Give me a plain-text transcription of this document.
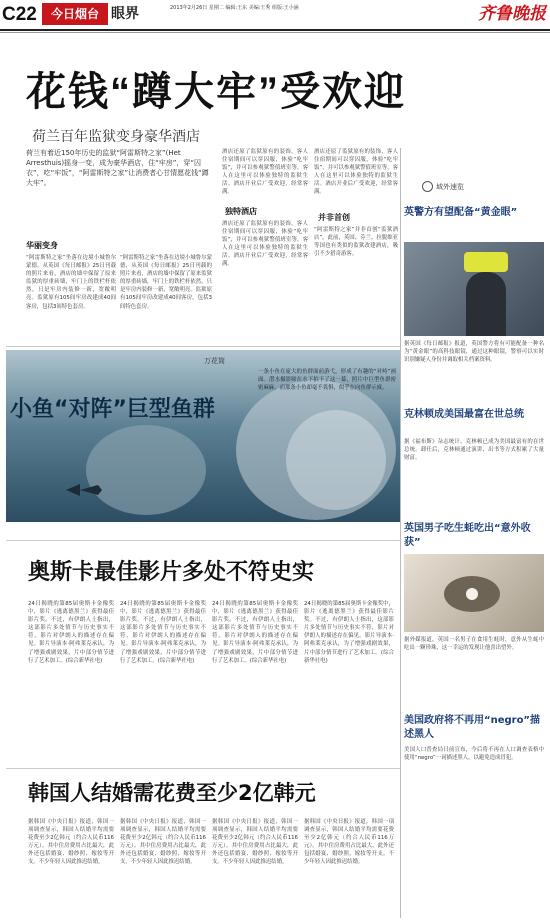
C22	今日烟台 眼界	2013年2月26日 星期二 编辑:王东 美编:王秀 组版:王小涵	齐鲁晚报
花钱“蹲大牢”受欢迎
荷兰百年监狱变身豪华酒店
荷兰有着近150年历史的监狱“阿雷斯特之家”(Het Arresthuis)摇身一变，成为豪华酒店，住“牢房”，穿“囚衣”，吃“牢饭”，“阿雷斯特之家”让消费者心甘情愿花钱“蹲大牢”。
华丽变身
“阿雷斯特之家”坐落在边境小城鲁尔蒙德，从英国《每日邮报》25日刊载的照片来看，酒店的墙中保留了原来监狱的厚重砖墙，牢门上的铁栏杆依然，只是牢房内装修一新，宽敞明亮。监狱原有105间牢房改建成40间客房，包括3间特色套房。
“阿雷斯特之家”坐落在边境小城鲁尔蒙德，从英国《每日邮报》25日刊载的照片来看，酒店的墙中保留了原来监狱的厚重砖墙，牢门上的铁栏杆依然，只是牢房内装修一新，宽敞明亮。监狱原有105间牢房改建成40间客房，包括3间特色套房。
独特酒店
酒店还原了监狱原有的装饰，客人住宿期间可以穿囚服，体验“吃牢饭”，并可以参观狱警值班室等，客人在这里可以体验独特的监狱生活。酒店开业后广受欢迎，经常客满。
酒店还原了监狱原有的装饰，客人住宿期间可以穿囚服，体验“吃牢饭”，并可以参观狱警值班室等，客人在这里可以体验独特的监狱生活。酒店开业后广受欢迎，经常客满。
并非首创
酒店还原了监狱原有的装饰，客人住宿期间可以穿囚服，体验“吃牢饭”，并可以参观狱警值班室等，客人在这里可以体验独特的监狱生活。酒店开业后广受欢迎，经常客满。
“阿雷斯特之家”并非首创“监狱酒店”。此前，英国、芬兰、拉脱维亚等国也有类似的监狱改建酒店，吸引不少猎奇游客。
域外速览
英警方有望配备“黄金眼”
据英国《每日邮报》报道，英国警方将有可能配备一种名为“黄金眼”的高科技眼镜，通过这种眼镜，警察可以实时识别嫌疑人身份并调取相关档案资料。
克林顿成美国最富在世总统
据《福布斯》杂志统计，克林顿已成为美国最富有的在世总统。卸任后，克林顿通过演讲、出书等方式积累了大量财富。
英国男子吃生蚝吃出“意外收获”
据外媒报道，英国一名男子在食用生蚝时，意外从生蚝中吃出一颗珍珠，这一幸运的发现让他喜出望外。
美国政府将不再用“negro”描述黑人
美国人口普查局日前宣布，今后将不再在人口调查表格中使用“negro”一词描述黑人，以避免造成冒犯。
万花筒
小鱼“对阵”巨型鱼群
一条小鱼在庞大的鱼群面前游弋，形成了有趣的“对峙”画面。潜水摄影师在水下拍下了这一幕，照片中巨型鱼群密密麻麻，而那条小鱼却毫不畏惧，似乎在向鱼群示威。
奥斯卡最佳影片多处不符史实
24日揭晓的第85届奥斯卡金像奖中，影片《逃离德黑兰》获得最佳影片奖。不过，有伊朗人士指出，这部影片多处情节与历史事实不符，影片对伊朗人的描述存在偏见。影片导演本·阿弗莱克承认，为了增强戏剧效果，片中部分情节进行了艺术加工。(综合新华社电)
24日揭晓的第85届奥斯卡金像奖中，影片《逃离德黑兰》获得最佳影片奖。不过，有伊朗人士指出，这部影片多处情节与历史事实不符，影片对伊朗人的描述存在偏见。影片导演本·阿弗莱克承认，为了增强戏剧效果，片中部分情节进行了艺术加工。(综合新华社电)
24日揭晓的第85届奥斯卡金像奖中，影片《逃离德黑兰》获得最佳影片奖。不过，有伊朗人士指出，这部影片多处情节与历史事实不符，影片对伊朗人的描述存在偏见。影片导演本·阿弗莱克承认，为了增强戏剧效果，片中部分情节进行了艺术加工。(综合新华社电)
24日揭晓的第85届奥斯卡金像奖中，影片《逃离德黑兰》获得最佳影片奖。不过，有伊朗人士指出，这部影片多处情节与历史事实不符，影片对伊朗人的描述存在偏见。影片导演本·阿弗莱克承认，为了增强戏剧效果，片中部分情节进行了艺术加工。(综合新华社电)
韩国人结婚需花费至少2亿韩元
据韩国《中央日报》报道，韩国一项调查显示，韩国人结婚平均需要花费至少2亿韩元（约合人民币116万元）。其中住房费用占比最大，此外还包括婚宴、婚纱照、嫁妆等开支。不少年轻人因此推迟结婚。
据韩国《中央日报》报道，韩国一项调查显示，韩国人结婚平均需要花费至少2亿韩元（约合人民币116万元）。其中住房费用占比最大，此外还包括婚宴、婚纱照、嫁妆等开支。不少年轻人因此推迟结婚。
据韩国《中央日报》报道，韩国一项调查显示，韩国人结婚平均需要花费至少2亿韩元（约合人民币116万元）。其中住房费用占比最大，此外还包括婚宴、婚纱照、嫁妆等开支。不少年轻人因此推迟结婚。
据韩国《中央日报》报道，韩国一项调查显示，韩国人结婚平均需要花费至少2亿韩元（约合人民币116万元）。其中住房费用占比最大，此外还包括婚宴、婚纱照、嫁妆等开支。不少年轻人因此推迟结婚。
